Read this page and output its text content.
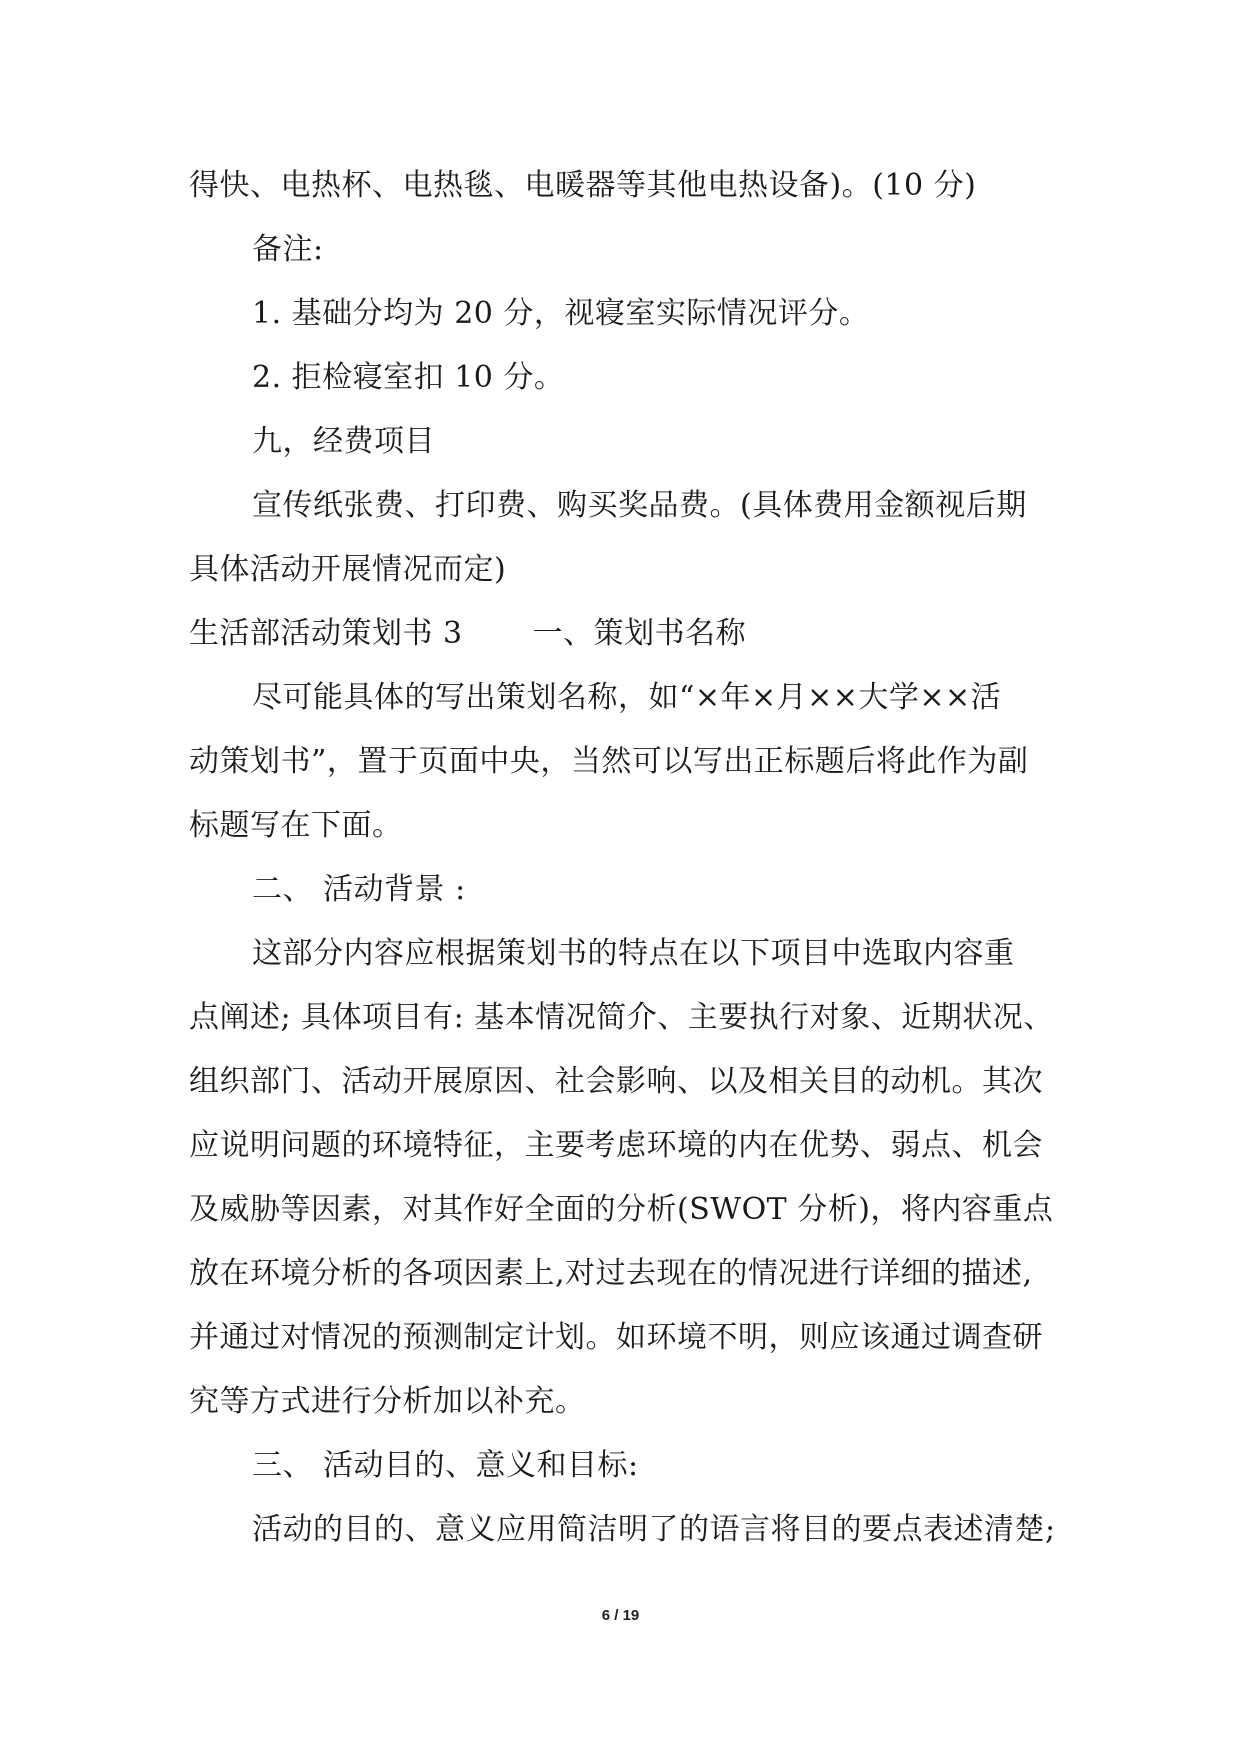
得快、电热杯、电热毯、电暖器等其他电热设备)。(10 分)
备注:
1. 基础分均为 20 分，视寝室实际情况评分。
2. 拒检寝室扣 10 分。
九，经费项目
宣传纸张费、打印费、购买奖品费。(具体费用金额视后期
具体活动开展情况而定)
生活部活动策划书 3 一、策划书名称
尽可能具体的写出策划名称，如“×年×月××大学××活
动策划书”，置于页面中央，当然可以写出正标题后将此作为副
标题写在下面。
二、 活动背景 :
这部分内容应根据策划书的特点在以下项目中选取内容重
点阐述; 具体项目有: 基本情况简介、主要执行对象、近期状况、
组织部门、活动开展原因、社会影响、以及相关目的动机。其次
应说明问题的环境特征，主要考虑环境的内在优势、弱点、机会
及威胁等因素，对其作好全面的分析(SWOT 分析)，将内容重点
放在环境分析的各项因素上,对过去现在的情况进行详细的描述,
并通过对情况的预测制定计划。如环境不明，则应该通过调查研
究等方式进行分析加以补充。
三、 活动目的、意义和目标:
活动的目的、意义应用简洁明了的语言将目的要点表述清楚;
6 / 19
